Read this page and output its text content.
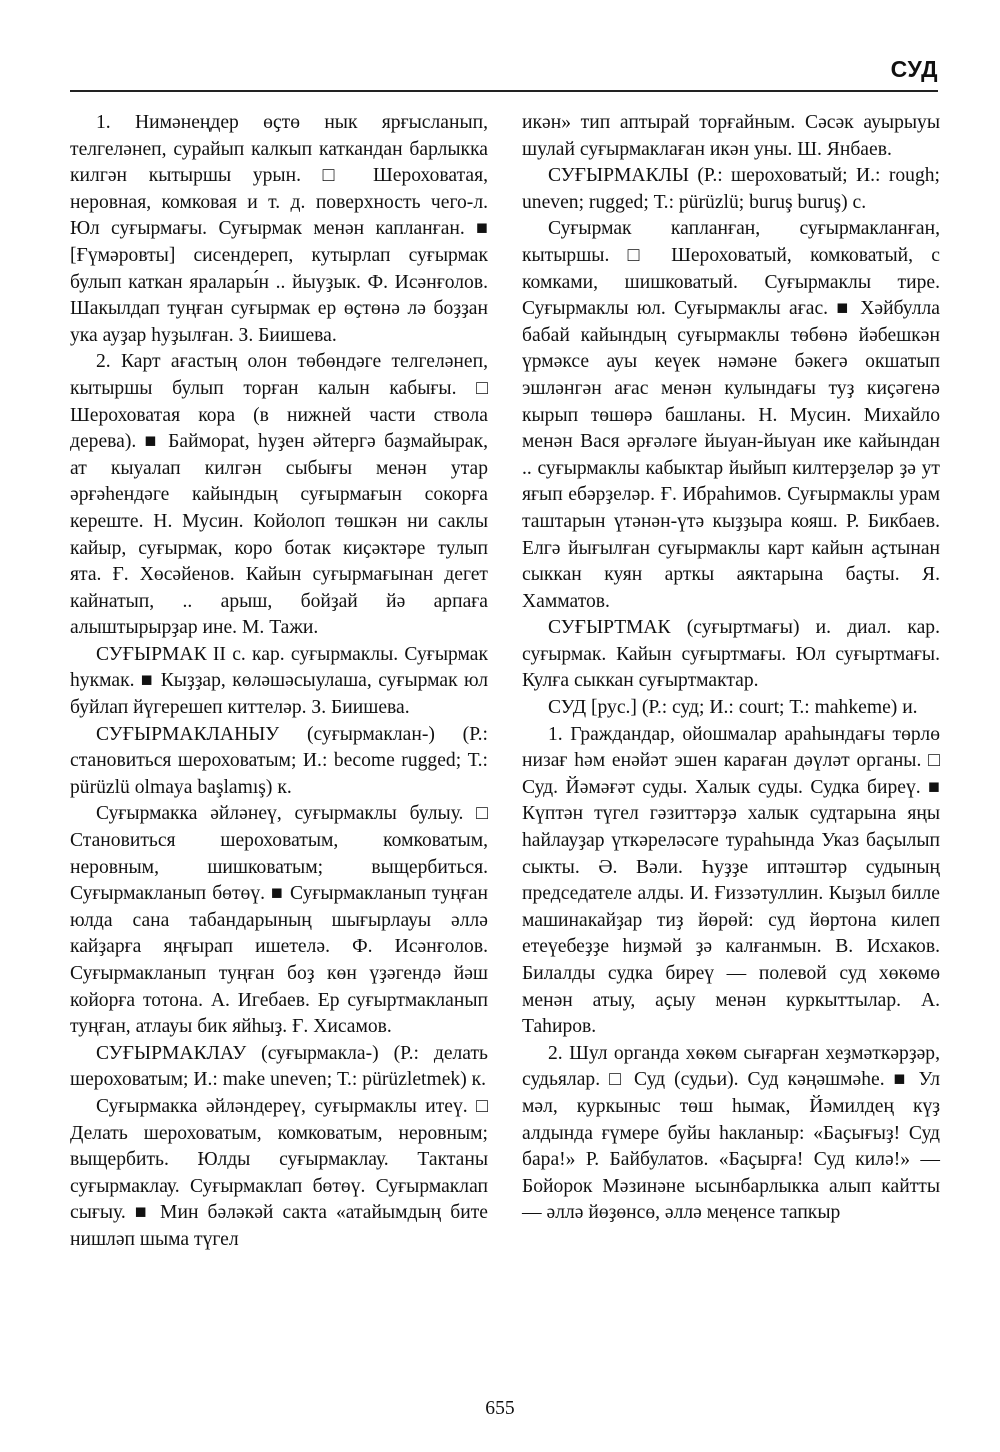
СУД

1. Нимәнеңдер өҫтө нык ярғысланып, телгеләнеп, сурайып калкып каткандан барлыкка килгән кытыршы урын. □ Шероховатая, неровная, комковая и т. д. поверхность чего-л. Юл суғырмағы. Суғырмак менән капланған. ■ [Ғүмәровты] сисендереп, кутырлап суғырмак булып каткан яралары́н .. йыуҙык. Ф. Исәнғолов. Шакылдап туңған суғырмак ер өҫтөнә лә боҙҙан ука ауҙар һуҙылған. З. Биишева.

2. Карт ағастың олон төбөндәге телгеләнеп, кытыршы булып торған калын кабығы. □ Шероховатая кора (в нижней части ствола дерева). ■ Баймораt, һуҙен әйтергә баҙмайырак, ат кыуалап килгән сыбығы менән утар әрғәһендәге кайындың суғырмағын сокорға кереште. Н. Мусин. Койолоп төшкән ни саклы кайыр, суғырмак, коро ботак киҫәктәре тулып ята. Ғ. Хөсәйенов. Кайын суғырмағынан дегет кайнатып, .. арыш, бойҙай йә арпаға алыштырырҙар ине. М. Тажи.

СУҒЫРМАК II с. кар. суғырмаклы. Суғырмак һукмак. ■ Кыҙҙар, көләшәсыулаша, суғырмак юл буйлап йүгерешеп киттеләр. З. Биишева.

СУҒЫРМАКЛАНЫУ (суғырмаклан-) (Р.: становиться шероховатым; И.: become rugged; Т.: pürüzlü olmaya başlamış) к.

Суғырмакка әйләнеү, суғырмаклы булыу. □ Становиться шероховатым, комковатым, неровным, шишковатым; выщербиться. Суғырмакланып бөтөү. ■ Суғырмакланып туңған юлда сана табандарының шығырлауы әллә кайҙарға яңғырап ишетелә. Ф. Исәнғолов. Суғырмакланып туңған боҙ көн үҙәгендә йәш койорға тотона. А. Игебаев. Ер суғыртмакланып туңған, атлауы бик яйһыҙ. Ғ. Хисамов.

СУҒЫРМАКЛАУ (суғырмакла-) (Р.: делать шероховатым; И.: make uneven; Т.: pürüzletmek) к.

Суғырмакка әйләндереү, суғырмаклы итеү. □ Делать шероховатым, комковатым, неровным; выщербить. Юлды суғырмаклау. Тактаны суғырмаклау. Суғырмаклап бөтөү. Суғырмаклап сығыу. ■ Мин бәләкәй сакта «атайымдың бите нишләп шыма түгел

икән» тип аптырай торғайным. Сәсәк ауырыуы шулай суғырмаклаған икән уны. Ш. Янбаев.

СУҒЫРМАКЛЫ (Р.: шероховатый; И.: rough; uneven; rugged; Т.: pürüzlü; buruş buruş) с.

Суғырмак капланған, суғырмакланған, кытыршы. □ Шероховатый, комковатый, с комками, шишковатый. Суғырмаклы тире. Суғырмаклы юл. Суғырмаклы ағас. ■ Хәйбулла бабай кайындың суғырмаклы төбөнә йәбешкән үрмәксе ауы кеүек нәмәне бәкегә окшатып эшләнгән ағас менән кулындағы туҙ киҫәгенә кырып төшөрә башланы. Н. Мусин. Михайло менән Вася әрғәләге йыуан-йыуан ике кайындан .. суғырмаклы кабыктар йыйып килтерҙеләр ҙә ут яғып ебәрҙеләр. Ғ. Ибраһимов. Суғырмаклы урам таштарын үтәнән-үтә кыҙҙыра кояш. Р. Бикбаев. Елгә йығылған суғырмаклы карт кайын аҫтынан сыккан куян арткы аяктарына баҫты. Я. Хамматов.

СУҒЫРТМАК (суғыртмағы) и. диал. кар. суғырмак. Кайын суғыртмағы. Юл суғыртмағы. Кулға сыккан суғыртмактар.

СУД [рус.] (Р.: суд; И.: court; Т.: mahkeme) и.

1. Граждандар, ойошмалар араһындағы төрлө низағ һәм енәйәт эшен караған дәүләт органы. □ Суд. Йәмәғәт суды. Халык суды. Судка биреү. ■ Күптән түгел гәзиттәрҙә халык судтарына яңы һайлауҙар үткәреләсәге тураһында Указ баҫылып сыкты. Ә. Вәли. Һуҙҙе иптәштәр судының председателе алды. И. Ғиззәтуллин. Кыҙыл билле машинакайҙар тиҙ йөрөй: суд йөртона килеп етеүебеҙҙе һиҙмәй ҙә калғанмын. В. Исхаков. Билалды судка биреү — полевой суд хөкөмө менән атыу, аҫыу менән куркыттылар. А. Таһиров.

2. Шул органда хөкөм сығарған хеҙмәткәрҙәр, судьялар. □ Суд (судьи). Суд кәңәшмәһе. ■ Ул мәл, куркыныс төш һымак, Йәмилдең күҙ алдында ғүмере буйы һакланыр: «Баҫығыҙ! Суд бара!» Р. Байбулатов. «Баҫырға! Суд килә!» — Бойорок Мәзинәне ысынбарлыкка алып кайтты — әллә йөҙөнсө, әллә меңенсе тапкыр

655
